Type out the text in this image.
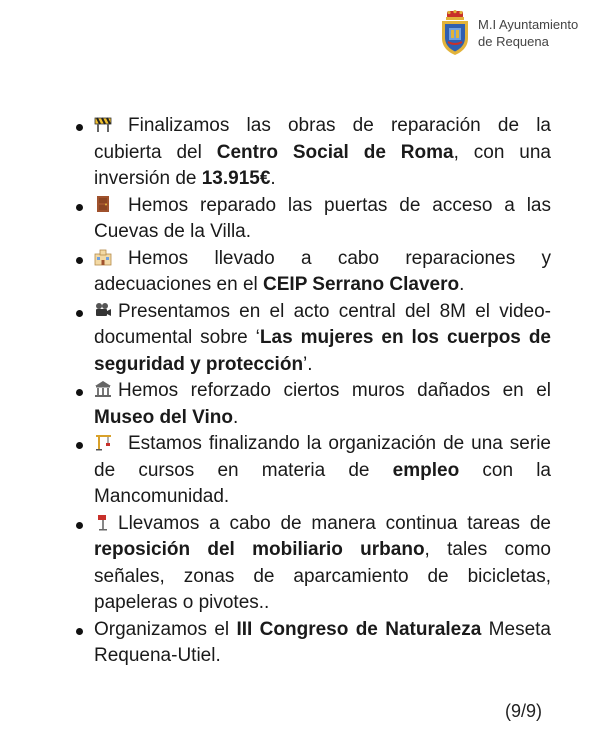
M.I Ayuntamiento
de Requena
Finalizamos las obras de reparación de la cubierta del Centro Social de Roma, con una inversión de 13.915€.
Hemos reparado las puertas de acceso a las Cuevas de la Villa.
Hemos llevado a cabo reparaciones y adecuaciones en el CEIP Serrano Clavero.
Presentamos en el acto central del 8M el video-documental sobre ‘Las mujeres en los cuerpos de seguridad y protección’.
Hemos reforzado ciertos muros dañados en el Museo del Vino.
Estamos finalizando la organización de una serie de cursos en materia de empleo con la Mancomunidad.
Llevamos a cabo de manera continua tareas de reposición del mobiliario urbano, tales como señales, zonas de aparcamiento de bicicletas, papeleras o pivotes..
Organizamos el III Congreso de Naturaleza Meseta Requena-Utiel.
(9/9)
